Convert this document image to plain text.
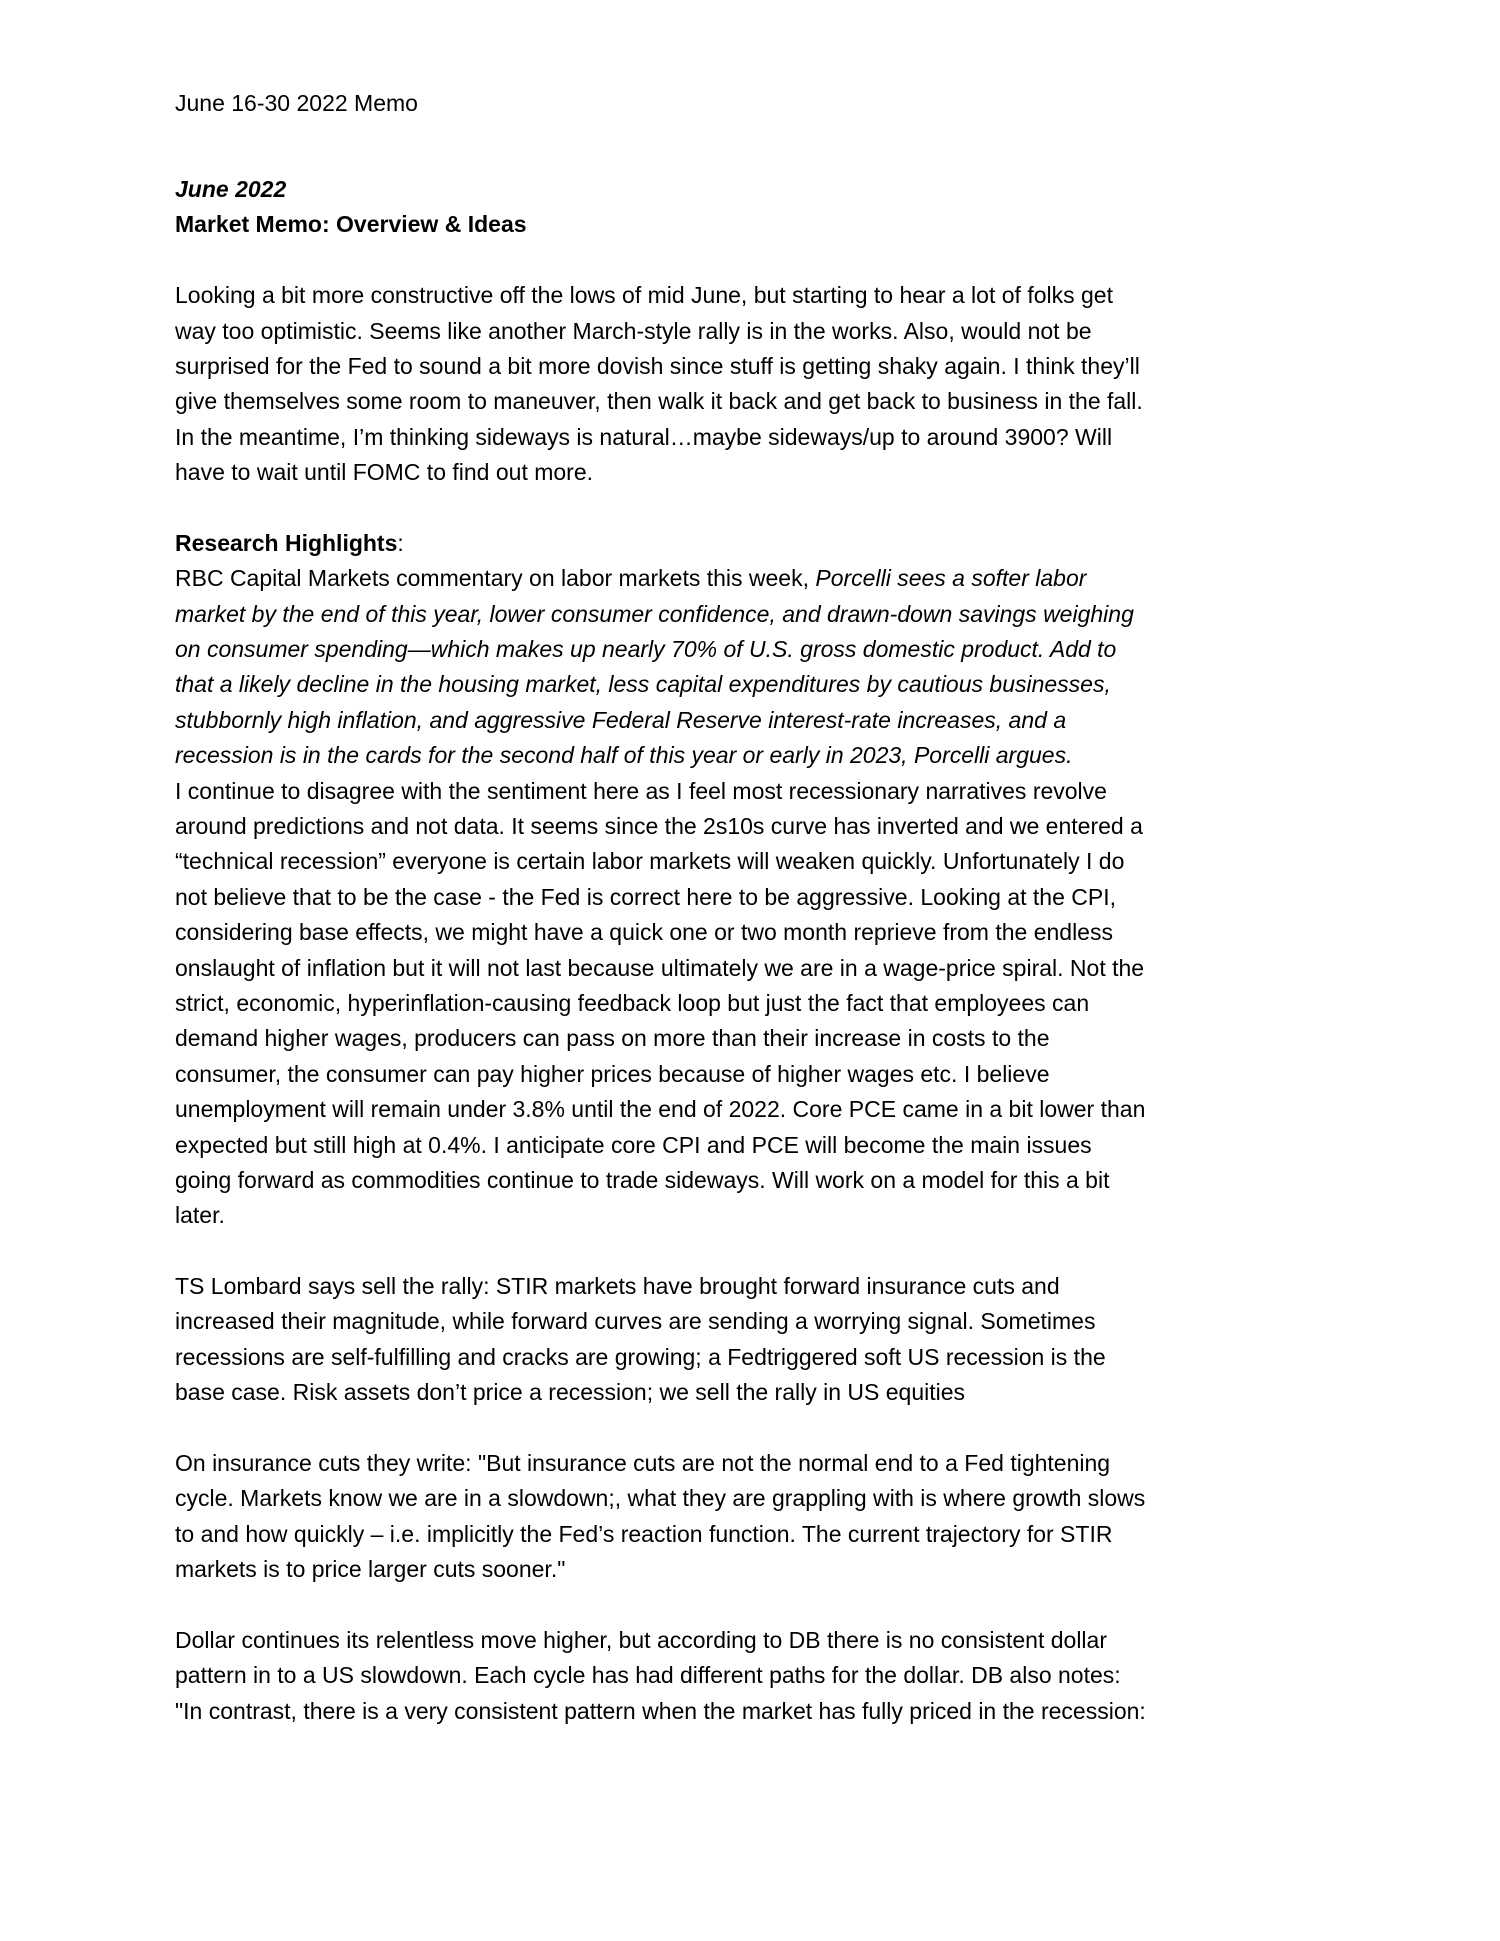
June 16-30 2022 Memo
June 2022
Market Memo: Overview & Ideas
Looking a bit more constructive off the lows of mid June, but starting to hear a lot of folks get
way too optimistic. Seems like another March-style rally is in the works. Also, would not be
surprised for the Fed to sound a bit more dovish since stuff is getting shaky again. I think they’ll
give themselves some room to maneuver, then walk it back and get back to business in the fall.
In the meantime, I’m thinking sideways is natural…maybe sideways/up to around 3900? Will
have to wait until FOMC to find out more.
Research Highlights:
RBC Capital Markets commentary on labor markets this week, Porcelli sees a softer labor
market by the end of this year, lower consumer confidence, and drawn-down savings weighing
on consumer spending—which makes up nearly 70% of U.S. gross domestic product. Add to
that a likely decline in the housing market, less capital expenditures by cautious businesses,
stubbornly high inflation, and aggressive Federal Reserve interest-rate increases, and a
recession is in the cards for the second half of this year or early in 2023, Porcelli argues.
I continue to disagree with the sentiment here as I feel most recessionary narratives revolve
around predictions and not data. It seems since the 2s10s curve has inverted and we entered a
“technical recession” everyone is certain labor markets will weaken quickly. Unfortunately I do
not believe that to be the case - the Fed is correct here to be aggressive. Looking at the CPI,
considering base effects, we might have a quick one or two month reprieve from the endless
onslaught of inflation but it will not last because ultimately we are in a wage-price spiral. Not the
strict, economic, hyperinflation-causing feedback loop but just the fact that employees can
demand higher wages, producers can pass on more than their increase in costs to the
consumer, the consumer can pay higher prices because of higher wages etc. I believe
unemployment will remain under 3.8% until the end of 2022. Core PCE came in a bit lower than
expected but still high at 0.4%. I anticipate core CPI and PCE will become the main issues
going forward as commodities continue to trade sideways. Will work on a model for this a bit
later.
TS Lombard says sell the rally: STIR markets have brought forward insurance cuts and
increased their magnitude, while forward curves are sending a worrying signal. Sometimes
recessions are self-fulfilling and cracks are growing; a Fedtriggered soft US recession is the
base case. Risk assets don’t price a recession; we sell the rally in US equities
On insurance cuts they write: "But insurance cuts are not the normal end to a Fed tightening
cycle. Markets know we are in a slowdown;, what they are grappling with is where growth slows
to and how quickly – i.e. implicitly the Fed’s reaction function. The current trajectory for STIR
markets is to price larger cuts sooner."
Dollar continues its relentless move higher, but according to DB there is no consistent dollar
pattern in to a US slowdown. Each cycle has had different paths for the dollar. DB also notes:
"In contrast, there is a very consistent pattern when the market has fully priced in the recession:
